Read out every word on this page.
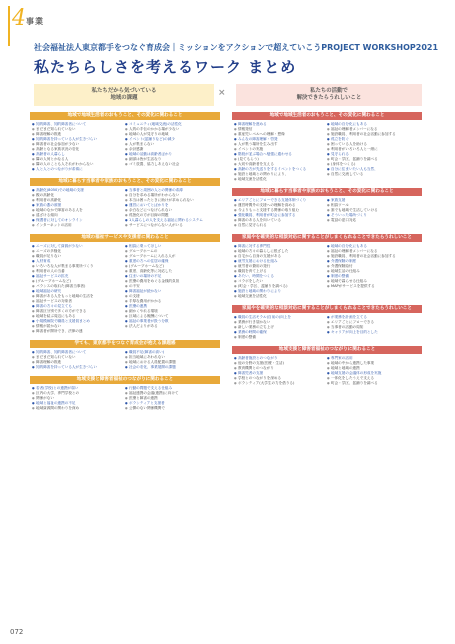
4 事業
社会福祉法人東京都手をつなぐ育成会｜ミッションをアクションで超えていこうPROJECT WORKSHOP2021
私たちらしさを考えるワーク まとめ
私たちだから気づいている
地域の課題	×	私たちの活動で
解決できたらうれしいこと
地域で地域生活者のおもうこと、その変化に関わること
● 知的障害、知的障害者について
● まだまだ知られていない
● 障害理解の推進
● 知的障害を持っている人が生きづらい
● 障害者の社会参加が少ない
● 高齢となる家族状況の変化
● 高齢者の人暮らし
● 隣の人何とかなる人
● 隣の人のことも人それがわからない
● 人と人とのつながりが希薄に
● コミュニティ(地域交流)の活性化
● 人的の手伝のかかる場が少ない
● 地域の人が見守りの地域
● イベント(盆踊りなど)の減少
● 人が集まらない
● 余計感謝
● 地域の活動は高齢者ばかり
● 細部は皆が生活なり
● ゴミ放置、協力しあえない社会
地域に暮らす当事者や家族のおもうこと、その変化に関わること
● 高齢化(8050)での地域の支援
● 親の高齢化
● 利用者の高齢化
● 家族の悪の被援
● 地域のなかで障害のある人を
● 遠ざける傾向
● 保護者に対してのオンライン
● インターネットの活用
● 当事者と周囲の人との関係の希薄
● 自分を求める場所がわからない
● 本当は困ったときに助けが求められない
● 運営においてとばかりを
● 余白などにつなげられない
● 孤独化の方が目線の問題
● 1人暮らしの人を支える福祉に関わるシステム
● サービスにつながらない人がいる
地域の福祉サービスや支援者に関わること
● ニーズに対して資源が少ない
● ニーズの多様化
● 職員が足りない
● 人材育成
● いろいろな人が集まる事業所づくり
● 利用者の人の当番
● 福祉サービスの拡充
● (グループホームなど)
● バランスの取れた(障害当事者)
● 地域福祉の研究
● 障害がある人をもっと地域の生活を
● 福祉サービスの対象者
● 障害の方々の見立ても
● 障害区分別で多くの方ができる
● 地域を結ぶ周辺にもある
● 小規模病院で職員と支援員まとめ
● 情報が届かない
● 障害者が開所でき、法律の連
● 相談に乗ってほしい
● グループホームの
● グループホームに入れる人が
● 重度の方への住居の確保
● (グループホームなど)
● 重度、高齢化等に対応した
● 住まいの場所の不足
● 医療の費用をめぐる金銭的負担
● の不安
● 障害福祉が続かない
● の支援
● 手厚な費用がかかる
● 医療の連携
● 細かくやれる環境
● 区域による報酬について
● 福祉の事業者が扱う分散
● 法人だよりがある
学ても、東京都手をつなぐ育成会が抱える課題感
● 知的障害、知的障害者について
● まだまだ知られていない
● 障害理解の推進
● 知的障害を持っている人が生きづらい
● 職員不足(障害の高い)
● 担当地域にあわれない
● 地域における人員配置の課題
● 社会の変化、事業展開の課題
地域支援と障害者福祉のつながりに関わること
● 若者(学校)との連携が弱い
● 区内の大学、専門学校との
● 関係がない
● 地域と福祉の連携の不足
● 地域資源間の関わりを深め
● 行動の問題で支える仕組み
● 福祉連携の会議(連携)に向けて
● 医療と障害の連携
● ボランティアと支援者
● 公開のない関係機関で
地域で地域生活者のおもうこと、その変化に関わること
● 障害理解を進める
● 情報発信
● 重症児レベルへの理解・想像
● みんなの障害理解・啓発
● 人が集う場所を生み出す
● イベントの実施
● 階段が並ぶ場合へ勉強に通わせる
● (見てもらう)
● 大切や高齢者を支える
● 高齢の方が先送りをするイベントをつくる
● 施設と地域との関わりにより、
● 地域交流を活性化
● 地域の自分化にもある
● 福祉の理解者メンバーになる
● 施設職員、利用者の社会活動に参加する
● 孤立を防ぐ
● 困っている人を助ける
● 利用者がいろいろ人と一緒に
● 見守られる
● 町会・学区、盆踊りを調べる
● (身体をつくる)
● 自分に住まいたい人も当然、
● 自然に交流している
地域に暮らす当事者や家族のおもうこと、その変化に関わること
● エリアごとにフローできる支援体制づくり
● 運営時間外の支援への理解を高める
● 今よりもっと支援する関係の取り組む
● 強化職員、利用者が町会に参加する
● 障害のある人を向いている
● 自然に見守られる
● 家族支援
● 相談ツール
● 誰でも地域で生活していける
● そういった場所づくり
● 電話の窓口対応
家庭やを確実的な相談対応に関することがしまくられることできたらうれしいこと
● 障害に対する専門性
● 地域の方々の暮らしに根ざした
● 自宅から自身の支援がある
● 就労支援における仕組み
● 就労者の費用の発行
● 職員を育て上げる
● あたい、時間をつくる
● コラボをしたい
● (町会・学区、盆踊りを調べる)
● 施設と地域の関わりにより
● 地域交流を活性化
● 地域の自分化にもある
● 福祉の理解者メンバーになる
● 施設職員、利用者の社会活動に参加する
● 介護保険の制度
● 介護保険給付
● 地域生活の仕組み
● 制度の整備
● 地域で暮らせる仕組み
● MAPがサービスを提供する
家庭やを確実的な相談対応に関することがしまくられることできたらうれしいこと
● 職員の生活モラル(自前の)向上を
● 業務が行き届かない
● 新しい業務の立ち上げ
● 業務の時間の確保
● 制度の整備
● が業務を計画を立てる
● エリアごとにフローできる
● 当事者の活動の周知
● キャリアが向上を目的とした
地域支援と障害者福祉のつながりに関わること
● 高齢者施設とのつながり
● 他の分野の支援(医療・生活)
● 教育機関とのつながり
● 障害児者の支援
● 学校とのつながりを深める
● ボランティア(大学生の力を借りる)
● 専門家の活用
● 地域の中から連携した事業
● 地域と地域の連携
● 地域支援の会議体の形成を実施
● 一体化をしたうえで支える
● 町会・学区、盆踊りを調べる
072
